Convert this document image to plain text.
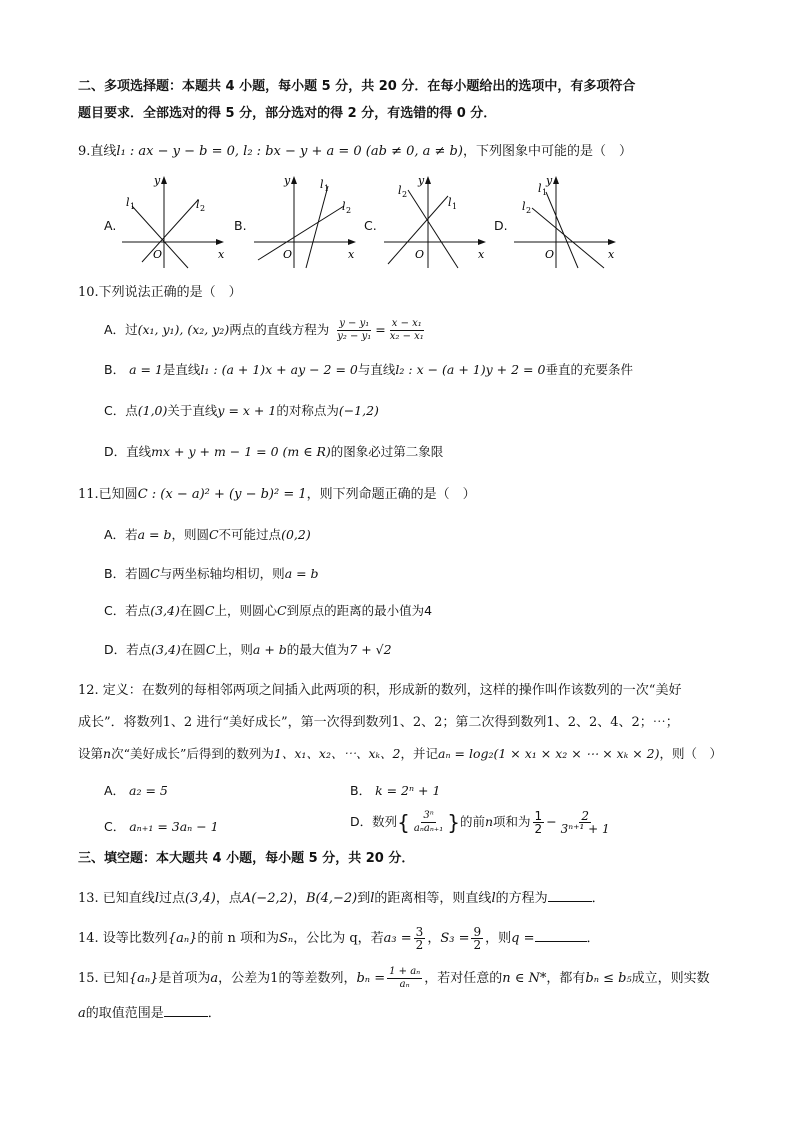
二、多项选择题：本题共 4 小题，每小题 5 分，共 20 分．在每小题给出的选项中，有多项符合
题目要求．全部选对的得 5 分，部分选对的得 2 分，有选错的得 0 分．
9.直线l₁ : ax − y − b = 0, l₂ : bx − y + a = 0 (ab ≠ 0, a ≠ b)，下列图象中可能的是（　）
A.
y
x
O
l 1	l 2
B.
y
x
O
l 1
l 2
C.
y
x
O
l 1
l 2
D.
y
x
O
l 1
l 2
10.下列说法正确的是（　）
A．过(x₁, y₁), (x₂, y₂)两点的直线方程为 $\frac{\text{y − y₁}}{\text{y₂ − y₁}} = \frac{\text{x − x₁}}{\text{x₂ − x₁}}$
B． a = 1是直线l₁ : (a + 1)x + ay − 2 = 0与直线l₂ : x − (a + 1)y + 2 = 0垂直的充要条件
C．点(1,0)关于直线y = x + 1的对称点为(−1,2)
D．直线mx + y + m − 1 = 0 (m ∈ R)的图象必过第二象限
11.已知圆C : (x − a)² + (y − b)² = 1，则下列命题正确的是（　）
A．若a = b，则圆C不可能过点(0,2)
B．若圆C与两坐标轴均相切，则a = b
C．若点(3,4)在圆C上，则圆心C到原点的距离的最小值为4
D．若点(3,4)在圆C上，则a + b的最大值为7 + √2
12. 定义：在数列的每相邻两项之间插入此两项的积，形成新的数列，这样的操作叫作该数列的一次“美好
成长”．将数列1、2 进行“美好成长”，第一次得到数列1、2、2；第二次得到数列1、2、2、4、2；⋯；
设第n次“美好成长”后得到的数列为1、x₁、x₂、⋯、xₖ、2，并记aₙ = log₂(1 × x₁ × x₂ × ⋯ × xₖ × 2)，则（　）
A． a₂ = 5	B． k = 2ⁿ + 1
C． aₙ₊₁ = 3aₙ − 1	D．数列{ $\frac{\text{3ⁿ}}{\text{aₙaₙ₊₁}}$ }的前n项和为 $\frac{1}{2} - \frac{2}{\text{3ⁿ⁺¹ + 1}}$
三、填空题：本大题共 4 小题，每小题 5 分，共 20 分．
13. 已知直线l过点(3,4)，点A(−2,2)，B(4,−2)到l的距离相等，则直线l的方程为	．
14. 设等比数列{aₙ}的前 n 项和为Sₙ，公比为 q，若$a_3 = \frac{3}{2}$ ，$S_3 = \frac{9}{2}$ ，则q =	．
15. 已知{aₙ}是首项为a，公差为1的等差数列，$b_n = \frac{\text{1 + aₙ}}{\text{aₙ}}$ ，若对任意的n ∈ N*，都有bₙ ≤ b₅成立，则实数
a的取值范围是	．
